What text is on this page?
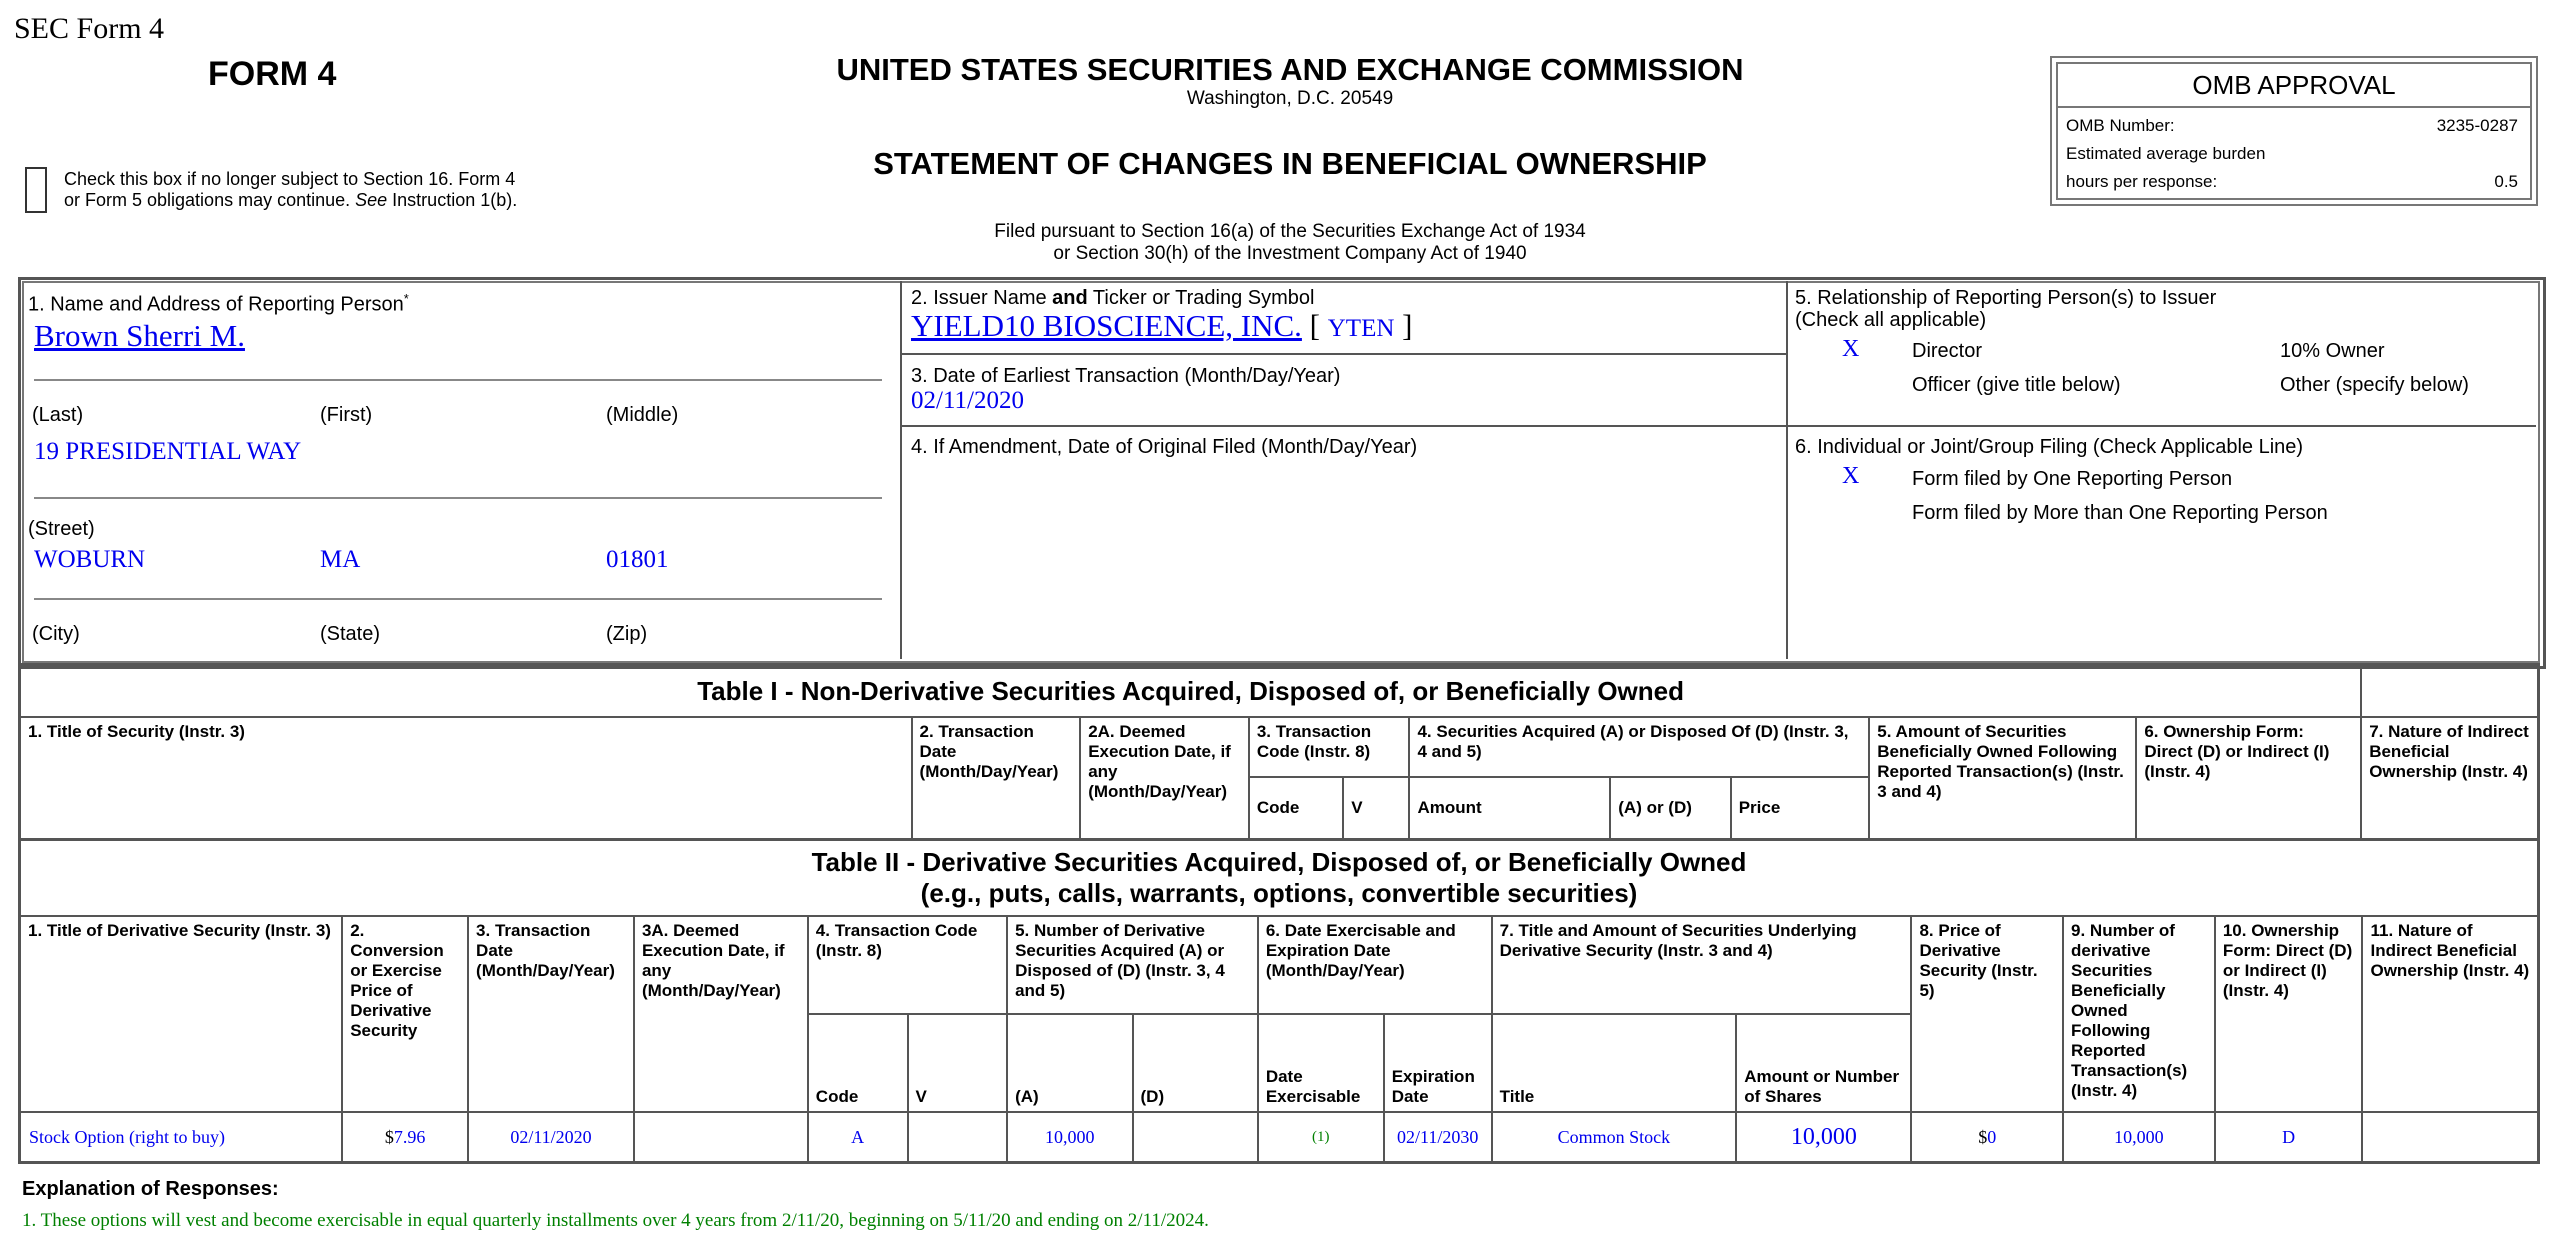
SEC Form 4
FORM 4
Check this box if no longer subject to Section 16. Form 4
or Form 5 obligations may continue. See Instruction 1(b).
UNITED STATES SECURITIES AND EXCHANGE COMMISSION
Washington, D.C. 20549
STATEMENT OF CHANGES IN BENEFICIAL OWNERSHIP
Filed pursuant to Section 16(a) of the Securities Exchange Act of 1934
or Section 30(h) of the Investment Company Act of 1940
OMB APPROVAL
OMB Number:	3235-0287
Estimated average burden
hours per response:	0.5
1. Name and Address of Reporting Person*
Brown Sherri M.
(Last)	(First)	(Middle)
19 PRESIDENTIAL WAY
(Street)
WOBURN	MA	01801
(City)	(State)	(Zip)
2. Issuer Name and Ticker or Trading Symbol
YIELD10 BIOSCIENCE, INC. [ YTEN ]
3. Date of Earliest Transaction (Month/Day/Year)
02/11/2020
4. If Amendment, Date of Original Filed (Month/Day/Year)
5. Relationship of Reporting Person(s) to Issuer
(Check all applicable)
X	Director	10% Owner
Officer (give title below)	Other (specify below)
6. Individual or Joint/Group Filing (Check Applicable Line)
X	Form filed by One Reporting Person
Form filed by More than One Reporting Person
Table I - Non-Derivative Securities Acquired, Disposed of, or Beneficially Owned										
1. Title of Security (Instr. 3)	2. Transaction Date (Month/Day/Year)	2A. Deemed Execution Date, if any (Month/Day/Year)	3. Transaction Code (Instr. 8)		4. Securities Acquired (A) or Disposed Of (D) (Instr. 3, 4 and 5)			5. Amount of Securities Beneficially Owned Following Reported Transaction(s) (Instr. 3 and 4)	6. Ownership Form: Direct (D) or Indirect (I) (Instr. 4)	7. Nature of Indirect Beneficial Ownership (Instr. 4)
			Code	V	Amount	(A) or (D)	Price			
Table II - Derivative Securities Acquired, Disposed of, or Beneficially Owned
(e.g., puts, calls, warrants, options, convertible securities)															

1. Title of Derivative Security (Instr. 3)	2. Conversion or Exercise Price of Derivative Security	3. Transaction Date (Month/Day/Year)	3A. Deemed Execution Date, if any (Month/Day/Year)	4. Transaction Code (Instr. 8)		5. Number of Derivative Securities Acquired (A) or Disposed of (D) (Instr. 3, 4 and 5)		6. Date Exercisable and Expiration Date (Month/Day/Year)		7. Title and Amount of Securities Underlying Derivative Security (Instr. 3 and 4)		8. Price of Derivative Security (Instr. 5)	9. Number of derivative Securities Beneficially Owned Following Reported Transaction(s) (Instr. 4)	10. Ownership Form: Direct (D) or Indirect (I) (Instr. 4)	11. Nature of Indirect Beneficial Ownership (Instr. 4)
				Code	V	(A)	(D)	Date Exercisable	Expiration Date	Title	Amount or Number of Shares				
Stock Option (right to buy)	$7.96	02/11/2020		A		10,000		(1)	02/11/2030	Common Stock	10,000	$0	10,000	D	
Explanation of Responses:
1. These options will vest and become exercisable in equal quarterly installments over 4 years from 2/11/20, beginning on 5/11/20 and ending on 2/11/2024.
